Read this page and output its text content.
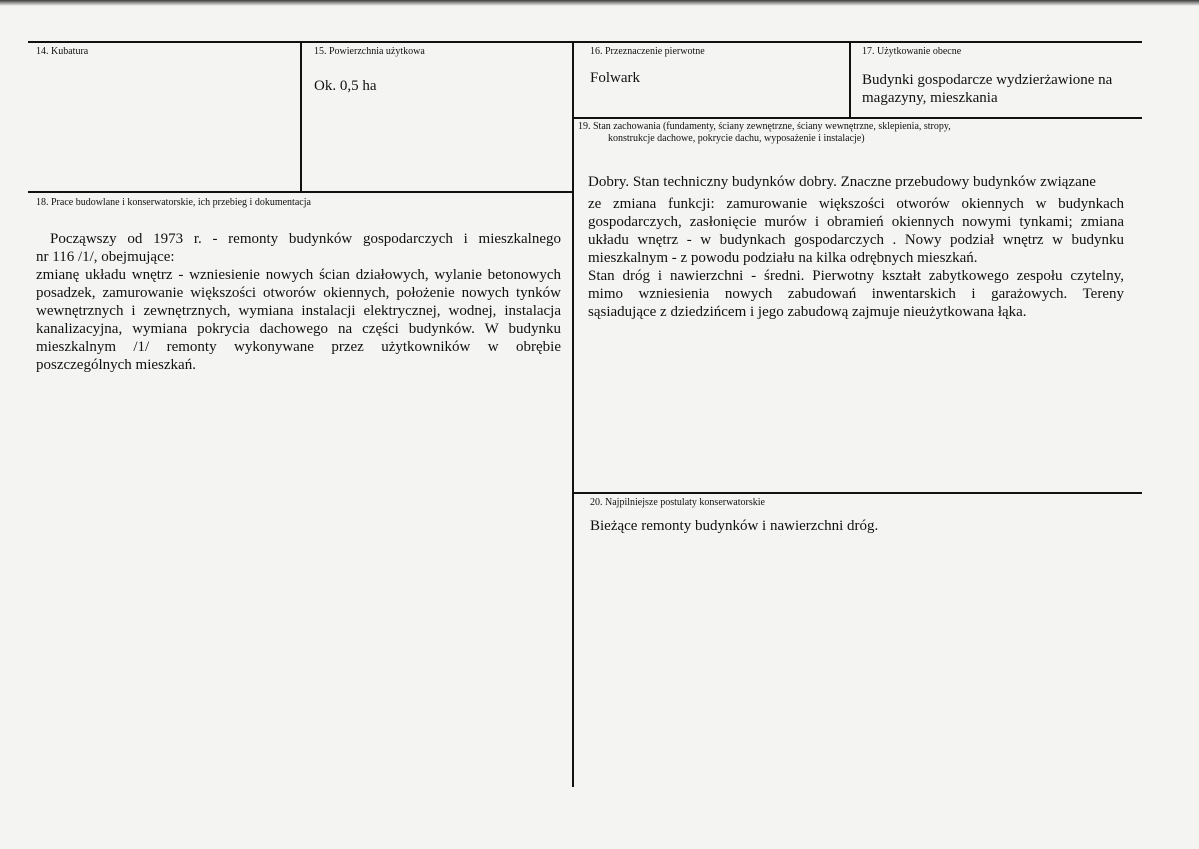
14. Kubatura	15. Powierzchnia użytkowa
Ok. 0,5 ha
16. Przeznaczenie pierwotne
Folwark
17. Użytkowanie obecne
Budynki gospodarcze wydzierżawione na
magazyny, mieszkania
19. Stan zachowania (fundamenty, ściany zewnętrzne, ściany wewnętrzne, sklepienia, stropy,
konstrukcje dachowe, pokrycie dachu, wyposażenie i instalacje)
Dobry. Stan techniczny budynków dobry. Znaczne przebudowy budynków związane
ze zmiana funkcji: zamurowanie większości otworów okiennych w budynkach
gospodarczych, zasłonięcie murów i obramień okiennych nowymi tynkami; zmiana
układu wnętrz - w budynkach gospodarczych . Nowy podział wnętrz w budynku
mieszkalnym - z powodu podziału na kilka odrębnych mieszkań.
Stan dróg i nawierzchni - średni. Pierwotny kształt zabytkowego zespołu czytelny,
mimo wzniesienia nowych zabudowań inwentarskich i garażowych. Tereny
sąsiadujące z dziedzińcem i jego zabudową zajmuje nieużytkowana łąka.
18. Prace budowlane i konserwatorskie, ich przebieg i dokumentacja
Począwszy od 1973 r. - remonty budynków gospodarczych i mieszkalnego
nr 116 /1/, obejmujące:
zmianę układu wnętrz - wzniesienie nowych ścian działowych, wylanie betonowych
posadzek, zamurowanie większości otworów okiennych, położenie nowych tynków
wewnętrznych i zewnętrznych, wymiana instalacji elektrycznej, wodnej, instalacja
kanalizacyjna, wymiana pokrycia dachowego na części budynków. W budynku
mieszkalnym /1/ remonty wykonywane przez użytkowników w obrębie
poszczególnych mieszkań.
20. Najpilniejsze postulaty konserwatorskie
Bieżące remonty budynków i nawierzchni dróg.
